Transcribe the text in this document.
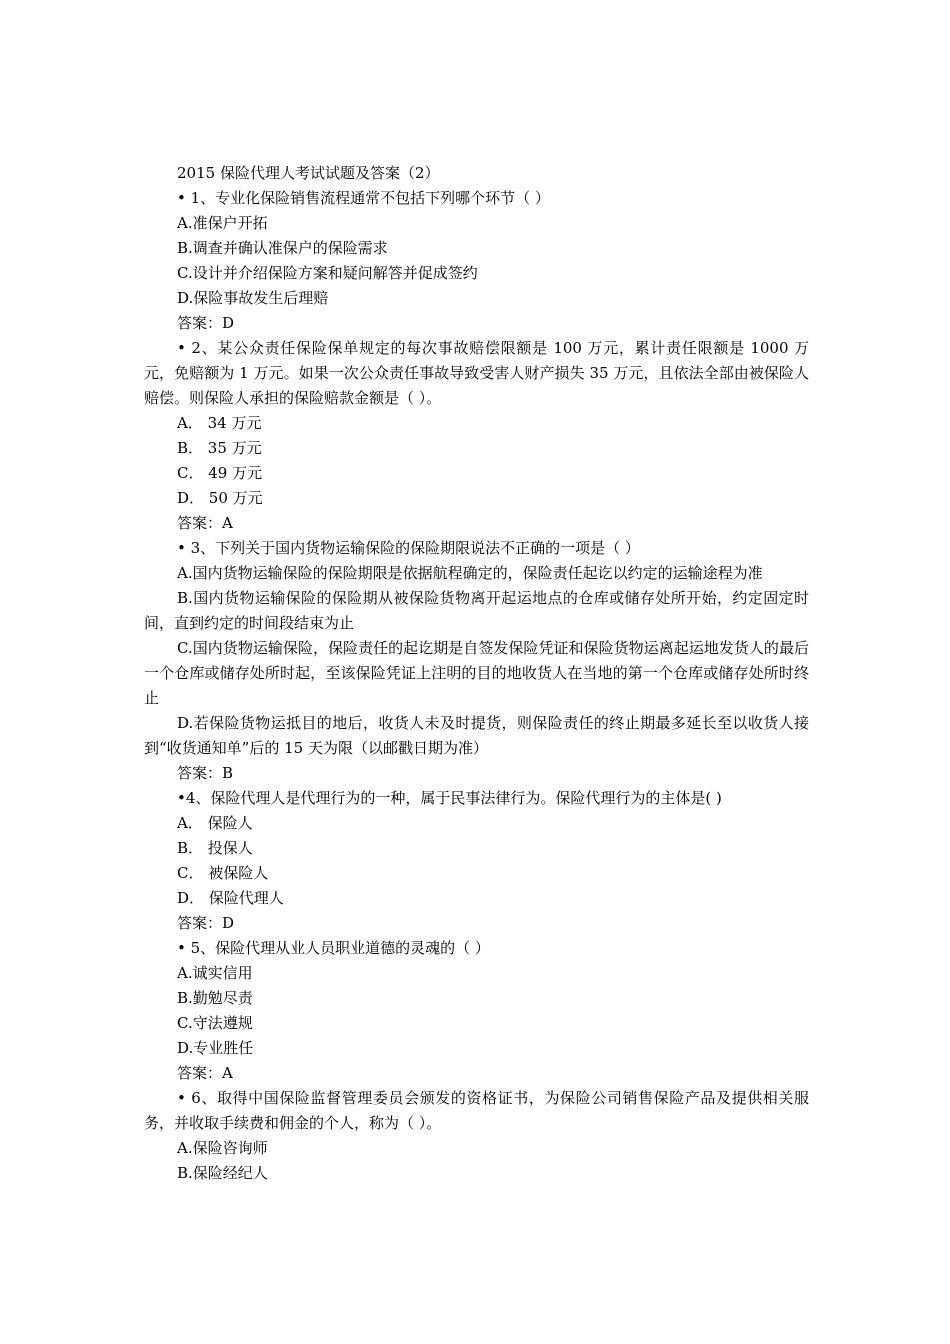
2015 保险代理人考试试题及答案（2）

• 1、专业化保险销售流程通常不包括下列哪个环节（ ）

A.准保户开拓

B.调查并确认准保户的保险需求

C.设计并介绍保险方案和疑问解答并促成签约

D.保险事故发生后理赔

答案：D

• 2、某公众责任保险保单规定的每次事故赔偿限额是 100 万元，累计责任限额是 1000 万元，免赔额为 1 万元。如果一次公众责任事故导致受害人财产损失 35 万元，且依法全部由被保险人赔偿。则保险人承担的保险赔款金额是（ ）。

A． 34 万元

B． 35 万元

C． 49 万元

D． 50 万元

答案：A

• 3、下列关于国内货物运输保险的保险期限说法不正确的一项是（ ）

A.国内货物运输保险的保险期限是依据航程确定的，保险责任起讫以约定的运输途程为准

B.国内货物运输保险的保险期从被保险货物离开起运地点的仓库或储存处所开始，约定固定时间，直到约定的时间段结束为止

C.国内货物运输保险，保险责任的起讫期是自签发保险凭证和保险货物运离起运地发货人的最后一个仓库或储存处所时起，至该保险凭证上注明的目的地收货人在当地的第一个仓库或储存处所时终止

D.若保险货物运抵目的地后，收货人未及时提货，则保险责任的终止期最多延长至以收货人接到“收货通知单”后的 15 天为限（以邮戳日期为准）

答案：B

•4、保险代理人是代理行为的一种，属于民事法律行为。保险代理行为的主体是( )

A． 保险人

B． 投保人

C． 被保险人

D． 保险代理人

答案：D

• 5、保险代理从业人员职业道德的灵魂的（ ）

A.诚实信用

B.勤勉尽责

C.守法遵规

D.专业胜任

答案：A

• 6、取得中国保险监督管理委员会颁发的资格证书，为保险公司销售保险产品及提供相关服务，并收取手续费和佣金的个人，称为（ ）。

A.保险咨询师

B.保险经纪人
